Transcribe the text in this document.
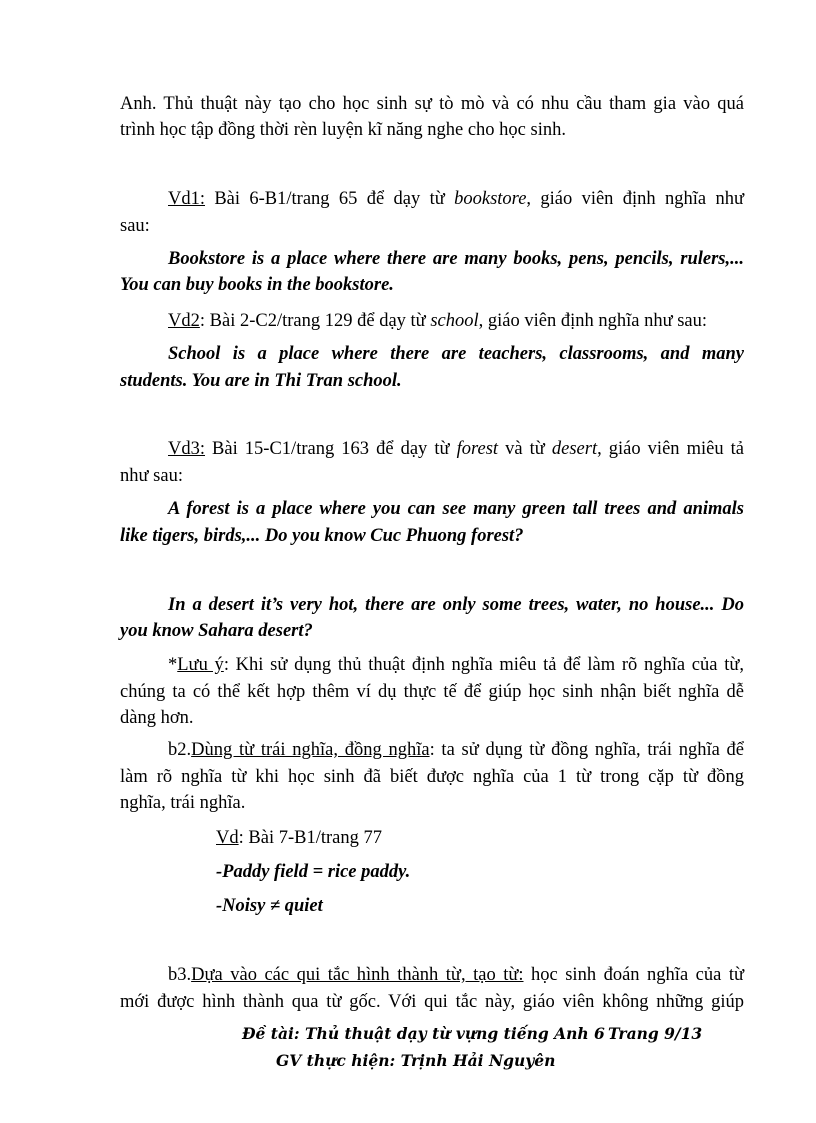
Anh. Thủ thuật này tạo cho học sinh sự tò mò và có nhu cầu tham gia vào quá
trình học tập đồng thời rèn luyện kĩ năng nghe cho học sinh.
Vd1: Bài 6-B1/trang 65 để dạy từ bookstore, giáo viên định nghĩa như
sau:
Bookstore is a place where there are many books, pens, pencils, rulers,...
You can buy books in the bookstore.
Vd2: Bài 2-C2/trang 129 để dạy từ school, giáo viên định nghĩa như sau:
School is a place where there are teachers, classrooms, and many
students. You are in Thi Tran school.
Vd3: Bài 15-C1/trang 163 để dạy từ forest và từ desert, giáo viên miêu tả
như sau:
A forest is a place where you can see many green tall trees and animals
like tigers, birds,... Do you know Cuc Phuong forest?
In a desert it’s very hot, there are only some trees, water, no house... Do
you know Sahara desert?
*Lưu ý: Khi sử dụng thủ thuật định nghĩa miêu tả để làm rõ nghĩa của từ,
chúng ta có thể kết hợp thêm ví dụ thực tế để giúp học sinh nhận biết nghĩa dễ
dàng hơn.
b2.Dùng từ trái nghĩa, đồng nghĩa: ta sử dụng từ đồng nghĩa, trái nghĩa để
làm rõ nghĩa từ khi học sinh đã biết được nghĩa của 1 từ trong cặp từ đồng
nghĩa, trái nghĩa.
Vd: Bài 7-B1/trang 77
-Paddy field = rice paddy.
-Noisy ≠ quiet
b3.Dựa vào các qui tắc hình thành từ, tạo từ: học sinh đoán nghĩa của từ
mới được hình thành qua từ gốc. Với qui tắc này, giáo viên không những giúp
Đề tài: Thủ thuật dạy từ vựng tiếng Anh 6 Trang 9/13
GV thực hiện: Trịnh Hải Nguyên
